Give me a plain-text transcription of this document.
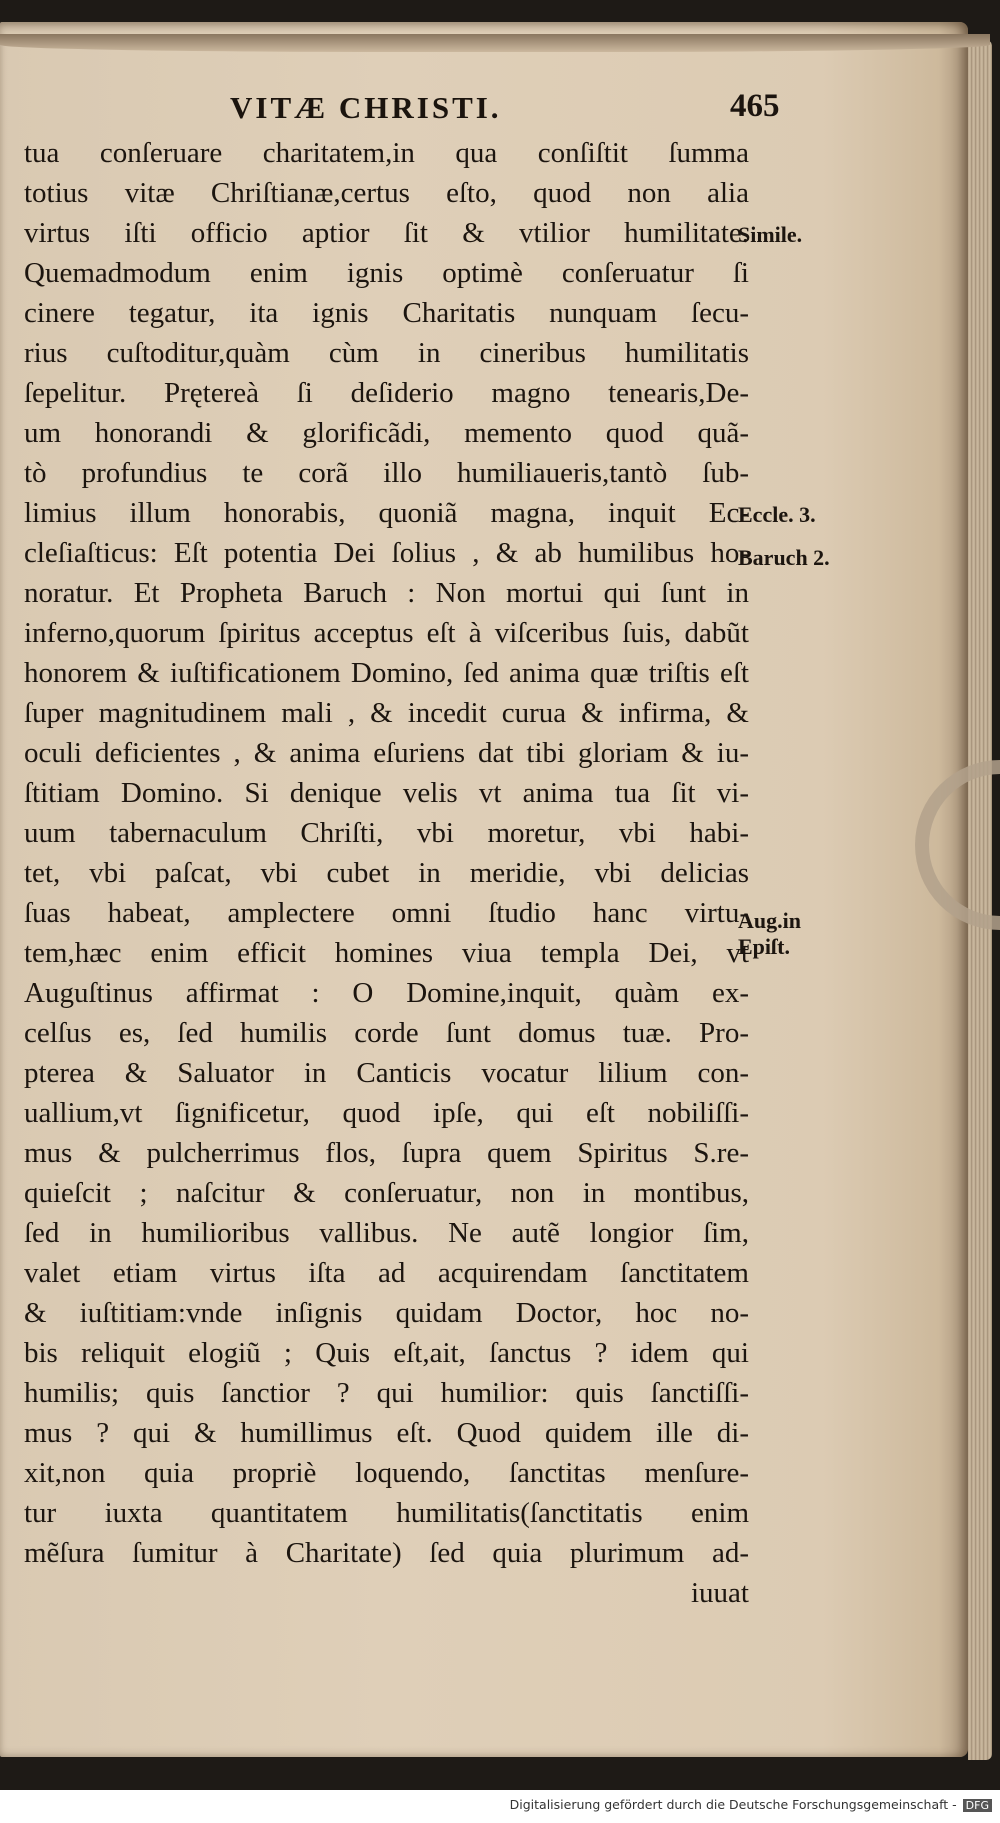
VITÆ CHRISTI.	465
tua conſeruare charitatem,in qua conſiſtit ſumma
totius vitæ Chriſtianæ,certus eſto, quod non alia
virtus iſti officio aptior ſit & vtilior humilitate.
Quemadmodum enim ignis optimè conſeruatur ſi
cinere tegatur, ita ignis Charitatis nunquam ſecu-
rius cuſtoditur,quàm cùm in cineribus humilitatis
ſepelitur. Prętereà ſi deſiderio magno tenearis,De-
um honorandi & glorificãdi, memento quod quã-
tò profundius te corã illo humiliaueris,tantò ſub-
limius illum honorabis, quoniã magna, inquit Ec-
cleſiaſticus: Eſt potentia Dei ſolius , & ab humilibus ho-
noratur. Et Propheta Baruch : Non mortui qui ſunt in
inferno,quorum ſpiritus acceptus eſt à viſceribus ſuis, dabũt
honorem & iuſtificationem Domino, ſed anima quæ triſtis eſt
ſuper magnitudinem mali , & incedit curua & infirma, &
oculi deficientes , & anima eſuriens dat tibi gloriam & iu-
ſtitiam Domino. Si denique velis vt anima tua ſit vi-
uum tabernaculum Chriſti, vbi moretur, vbi habi-
tet, vbi paſcat, vbi cubet in meridie, vbi delicias
ſuas habeat, amplectere omni ſtudio hanc virtu-
tem,hæc enim efficit homines viua templa Dei, vt
Auguſtinus affirmat : O Domine,inquit, quàm ex-
celſus es, ſed humilis corde ſunt domus tuæ. Pro-
pterea & Saluator in Canticis vocatur lilium con-
uallium,vt ſignificetur, quod ipſe, qui eſt nobiliſſi-
mus & pulcherrimus flos, ſupra quem Spiritus S.re-
quieſcit ; naſcitur & conſeruatur, non in montibus,
ſed in humilioribus vallibus. Ne autẽ longior ſim,
valet etiam virtus iſta ad acquirendam ſanctitatem
& iuſtitiam:vnde inſignis quidam Doctor, hoc no-
bis reliquit elogiũ ; Quis eſt,ait, ſanctus ? idem qui
humilis; quis ſanctior ? qui humilior: quis ſanctiſſi-
mus ? qui & humillimus eſt. Quod quidem ille di-
xit,non quia propriè loquendo, ſanctitas menſure-
tur iuxta quantitatem humilitatis(ſanctitatis enim
mẽſura ſumitur à Charitate) ſed quia plurimum ad-
iuuat
Simile.
Eccle. 3.
Baruch 2.
Aug.in
Epiſt.
Digitalisierung gefördert durch die Deutsche Forschungsgemeinschaft - DFG
